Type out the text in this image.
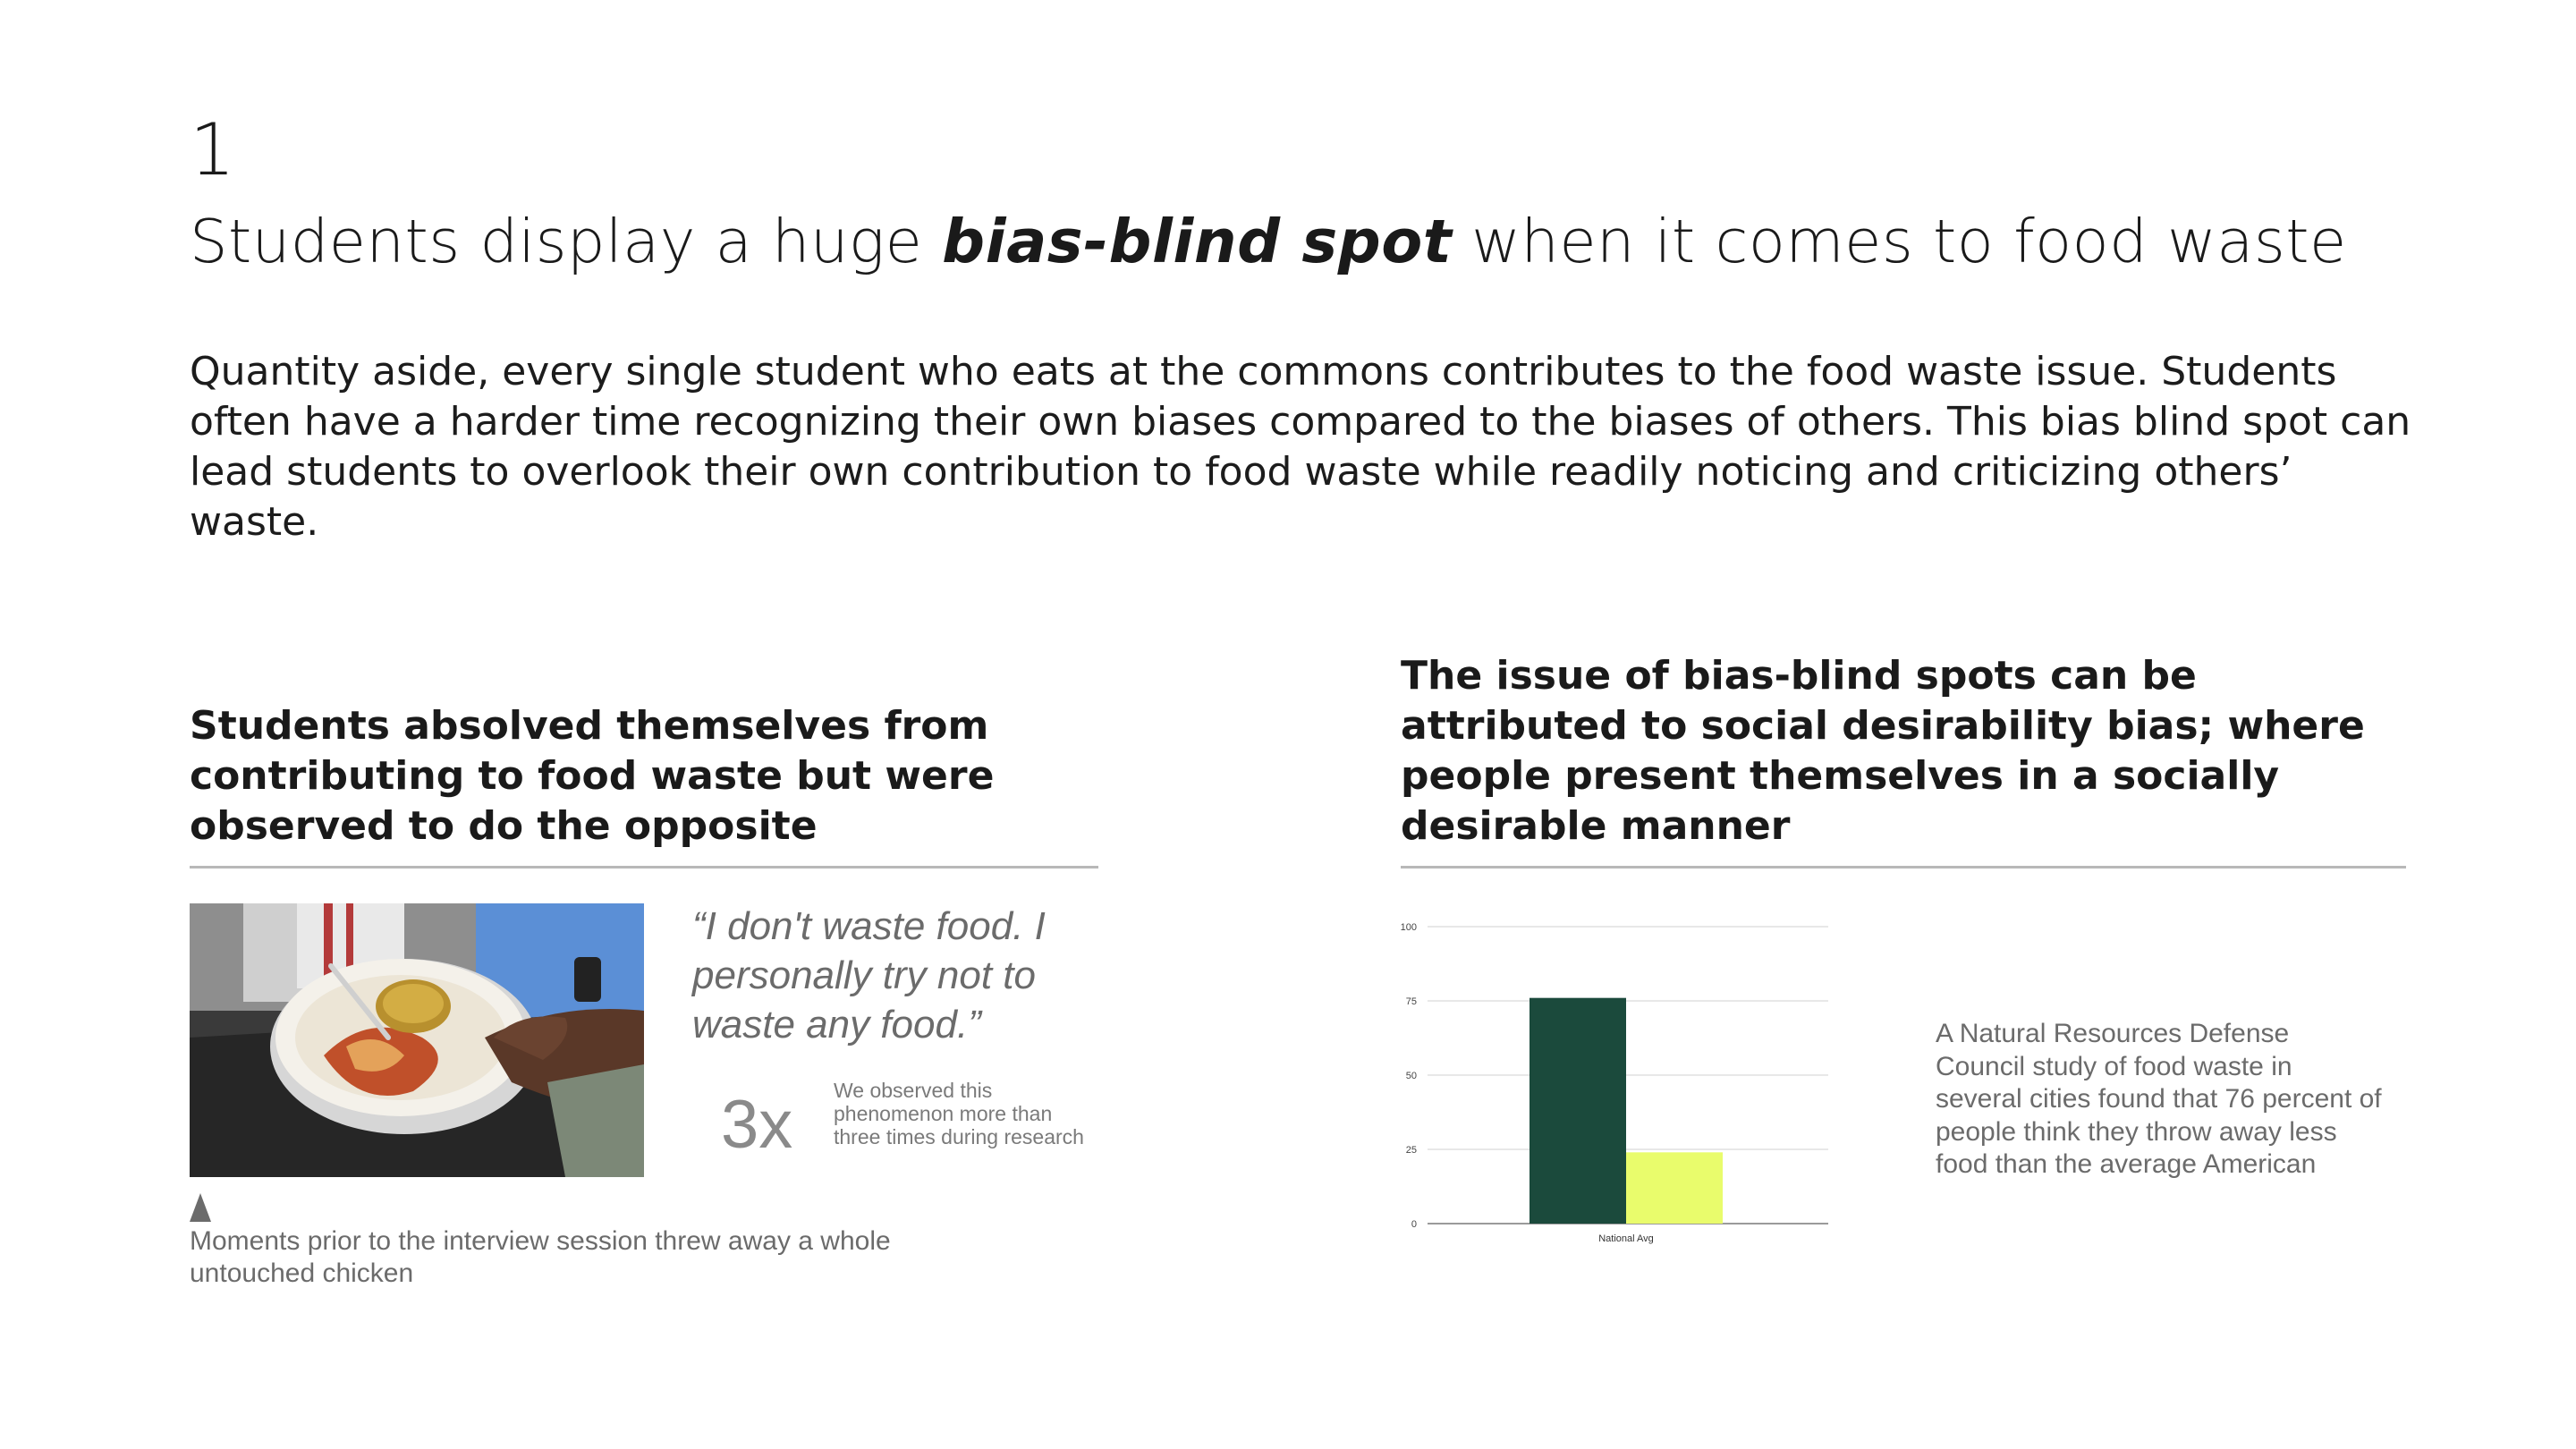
1
Students display a huge bias-blind spot when it comes to food waste
Quantity aside, every single student who eats at the commons contributes to the food waste issue. Students often have a harder time recognizing their own biases compared to the biases of others. This bias blind spot can lead students to overlook their own contribution to food waste while readily noticing and criticizing others’ waste.
Students absolved themselves from contributing to food waste but were observed to do the opposite
“I don't waste food. I personally try not to waste any food.”
3x We observed this phenomenon more than three times during research
Moments prior to the interview session threw away a whole untouched chicken
The issue of bias-blind spots can be attributed to social desirability bias; where people present themselves in a socially desirable manner
100
75
50
25
0
National Avg
A Natural Resources Defense Council study of food waste in several cities found that 76 percent of people think they throw away less food than the average American
